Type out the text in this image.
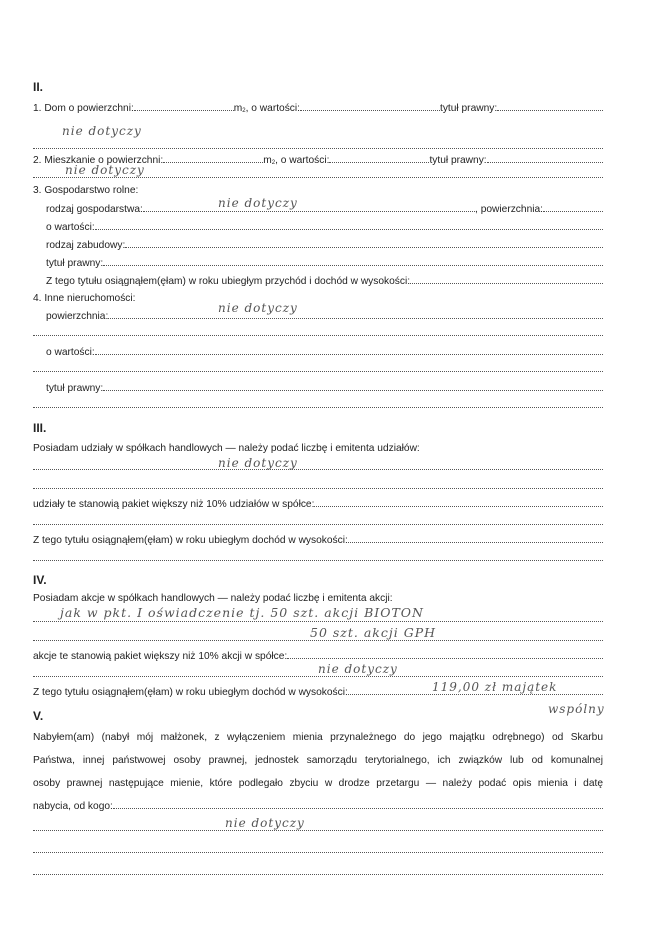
II.
1. Dom o powierzchni:	$m_2$ , o wartości:	tytuł prawny:
nie dotyczy
2. Mieszkanie o powierzchni:	$m_2$ , o wartości:	tytuł prawny:
nie dotyczy
3. Gospodarstwo rolne:
rodzaj gospodarstwa:	, powierzchnia:
nie dotyczy
o wartości:
rodzaj zabudowy:
tytuł prawny:
Z tego tytułu osiągnąłem(ęłam) w roku ubiegłym przychód i dochód w wysokości:
4. Inne nieruchomości:
powierzchnia:
nie dotyczy
o wartości:
tytuł prawny:
III.
Posiadam udziały w spółkach handlowych — należy podać liczbę i emitenta udziałów:
nie dotyczy
udziały te stanowią pakiet większy niż 10% udziałów w spółce:
Z tego tytułu osiągnąłem(ęłam) w roku ubiegłym dochód w wysokości:
IV.
Posiadam akcje w spółkach handlowych — należy podać liczbę i emitenta akcji:
jak w pkt. I oświadczenie tj. 50 szt. akcji BIOTON
50 szt. akcji GPH
akcje te stanowią pakiet większy niż 10% akcji w spółce:
nie dotyczy
Z tego tytułu osiągnąłem(ęłam) w roku ubiegłym dochód w wysokości:	119,00 zł majątek
wspólny
V.
Nabyłem(am) (nabył mój małżonek, z wyłączeniem mienia przynależnego do jego majątku odrębnego) od Skarbu
Państwa, innej państwowej osoby prawnej, jednostek samorządu terytorialnego, ich związków lub od komunalnej
osoby prawnej następujące mienie, które podlegało zbyciu w drodze przetargu — należy podać opis mienia i datę
nabycia, od kogo:
nie dotyczy
